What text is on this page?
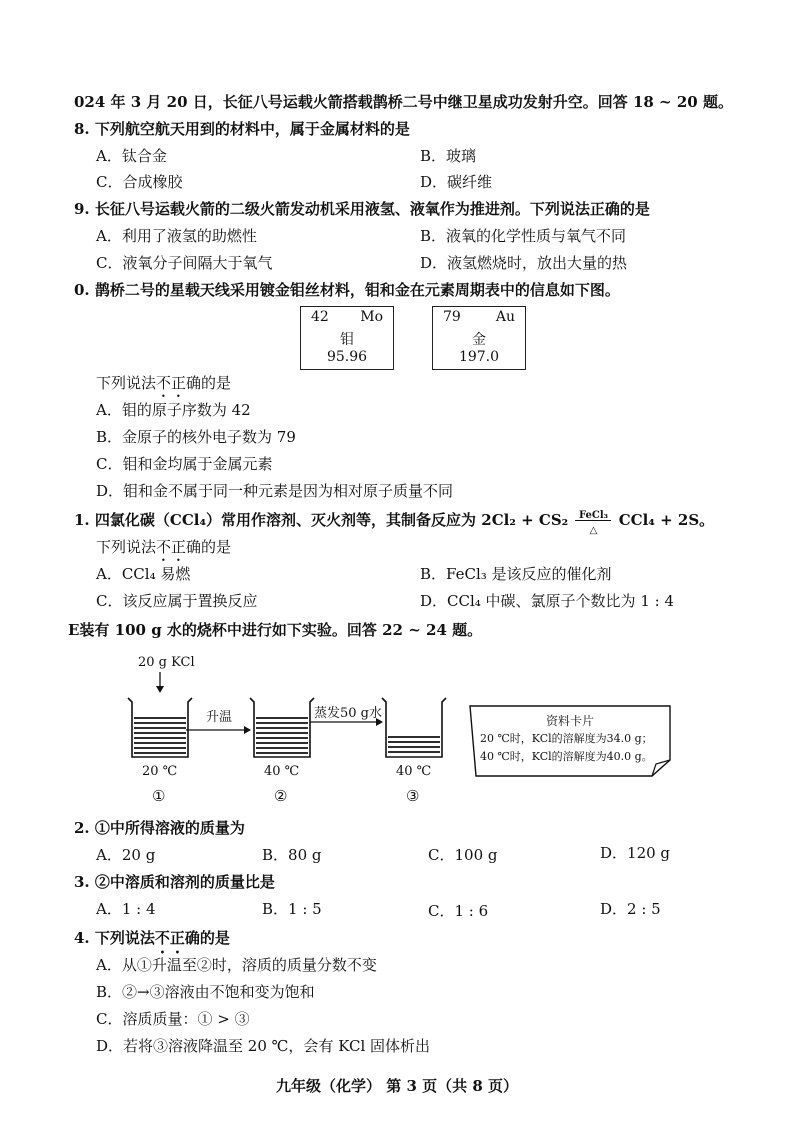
024 年 3 月 20 日，长征八号运载火箭搭载鹊桥二号中继卫星成功发射升空。回答 18 ~ 20 题。
8. 下列航空航天用到的材料中，属于金属材料的是
A．钛合金	B．玻璃
C．合成橡胶	D．碳纤维
9. 长征八号运载火箭的二级火箭发动机采用液氢、液氧作为推进剂。下列说法正确的是
A．利用了液氢的助燃性	B．液氧的化学性质与氧气不同
C．液氧分子间隔大于氧气	D．液氢燃烧时，放出大量的热
0. 鹊桥二号的星载天线采用镀金钼丝材料，钼和金在元素周期表中的信息如下图。
42 Mo
钼
95.96
79	Au
金
197.0
下列说法不正确的是
A．钼的原子序数为 42
B．金原子的核外电子数为 79
C．钼和金均属于金属元素
D．钼和金不属于同一种元素是因为相对原子质量不同
1. 四氯化碳（CCl₄）常用作溶剂、灭火剂等，其制备反应为 2Cl₂ + CS₂	FeCl₃
△
CCl₄ + 2S。
下列说法不正确的是
A．CCl₄ 易燃	B．FeCl₃ 是该反应的催化剂
C．该反应属于置换反应	D．CCl₄ 中碳、氯原子个数比为 1 : 4
E装有 100 g 水的烧杯中进行如下实验。回答 22 ~ 24 题。
20 g KCl
升温	蒸发50 g水
20 ℃	40 ℃	40 ℃
①	②	③
资料卡片
20 ℃时，KCl的溶解度为34.0 g；
40 ℃时，KCl的溶解度为40.0 g。
2. ①中所得溶液的质量为
A．20 g	B．80 g	C．100 g	D．120 g
3. ②中溶质和溶剂的质量比是
A．1 : 4	B．1 : 5	C．1 : 6	D．2 : 5
4. 下列说法不正确的是
A．从①升温至②时，溶质的质量分数不变
B．②→③溶液由不饱和变为饱和
C．溶质质量：① > ③
D．若将③溶液降温至 20 ℃，会有 KCl 固体析出
九年级（化学） 第 3 页（共 8 页）
